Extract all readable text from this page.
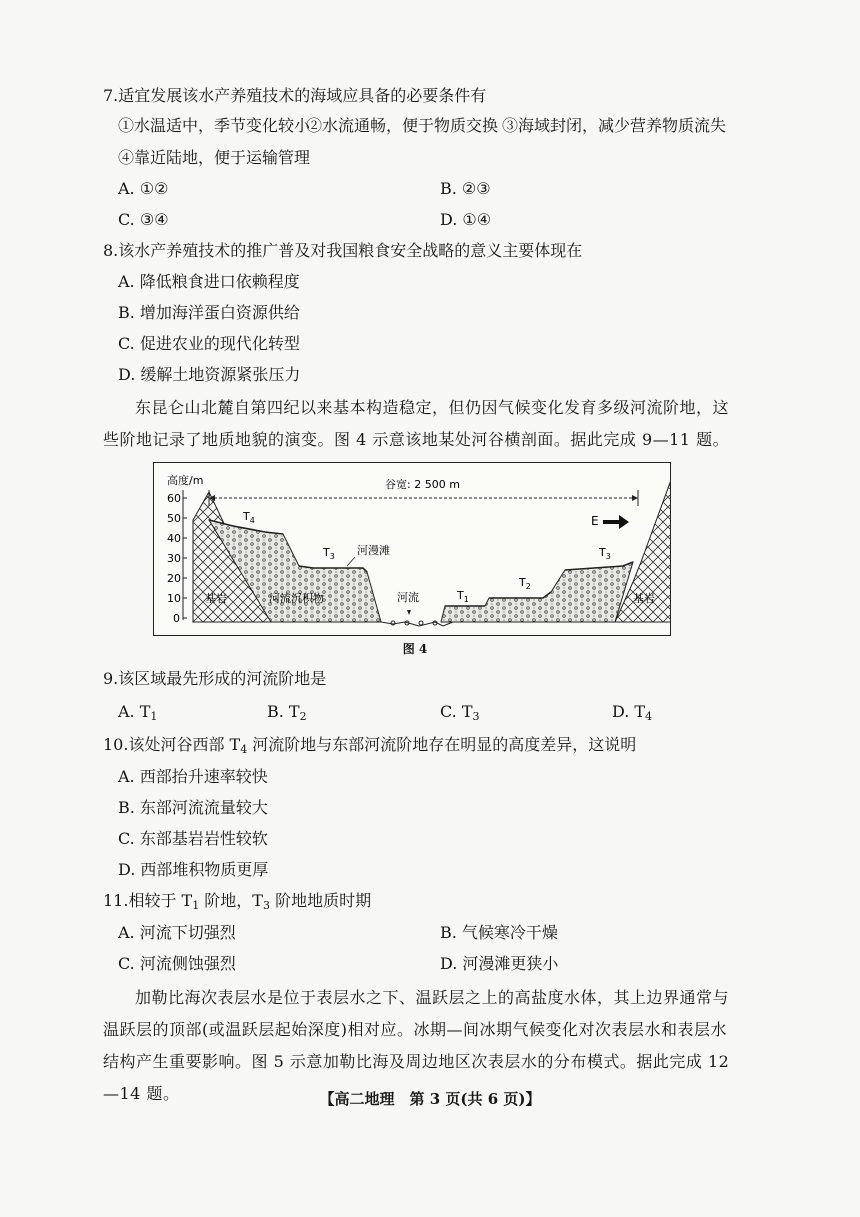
7.适宜发展该水产养殖技术的海域应具备的必要条件有
①水温适中，季节变化较小
②水流通畅，便于物质交换 ③海域封闭，减少营养物质流失
④靠近陆地，便于运输管理
A. ①②	B. ②③
C. ③④	D. ①④
8.该水产养殖技术的推广普及对我国粮食安全战略的意义主要体现在
A. 降低粮食进口依赖程度
B. 增加海洋蛋白资源供给
C. 促进农业的现代化转型
D. 缓解土地资源紧张压力
东昆仑山北麓自第四纪以来基本构造稳定，但仍因气候变化发育多级河流阶地，这些阶地记录了地质地貌的演变。图 4 示意该地某处河谷横剖面。据此完成 9—11 题。
高度/m
60
50
40
30
20
10
0
谷宽: 2 500 m
E
$T_4$
$T_3$ 河漫滩
基岩	河流沉积物	河流	$T_1$
$T_2$
$T_3$
基岩
图 4
9.该区域最先形成的河流阶地是
A. $T_1$	B. $T_2$	C. $T_3$	D. $T_4$
10.该处河谷西部 $T_4$ 河流阶地与东部河流阶地存在明显的高度差异，这说明
A. 西部抬升速率较快
B. 东部河流流量较大
C. 东部基岩岩性较软
D. 西部堆积物质更厚
11.相较于 $T_1$ 阶地，$T_3$ 阶地地质时期
A. 河流下切强烈	B. 气候寒冷干燥
C. 河流侧蚀强烈	D. 河漫滩更狭小
加勒比海次表层水是位于表层水之下、温跃层之上的高盐度水体，其上边界通常与温跃层的顶部(或温跃层起始深度)相对应。冰期—间冰期气候变化对次表层水和表层水结构产生重要影响。图 5 示意加勒比海及周边地区次表层水的分布模式。据此完成 12—14 题。	【高二地理　第 3 页(共 6 页)】
